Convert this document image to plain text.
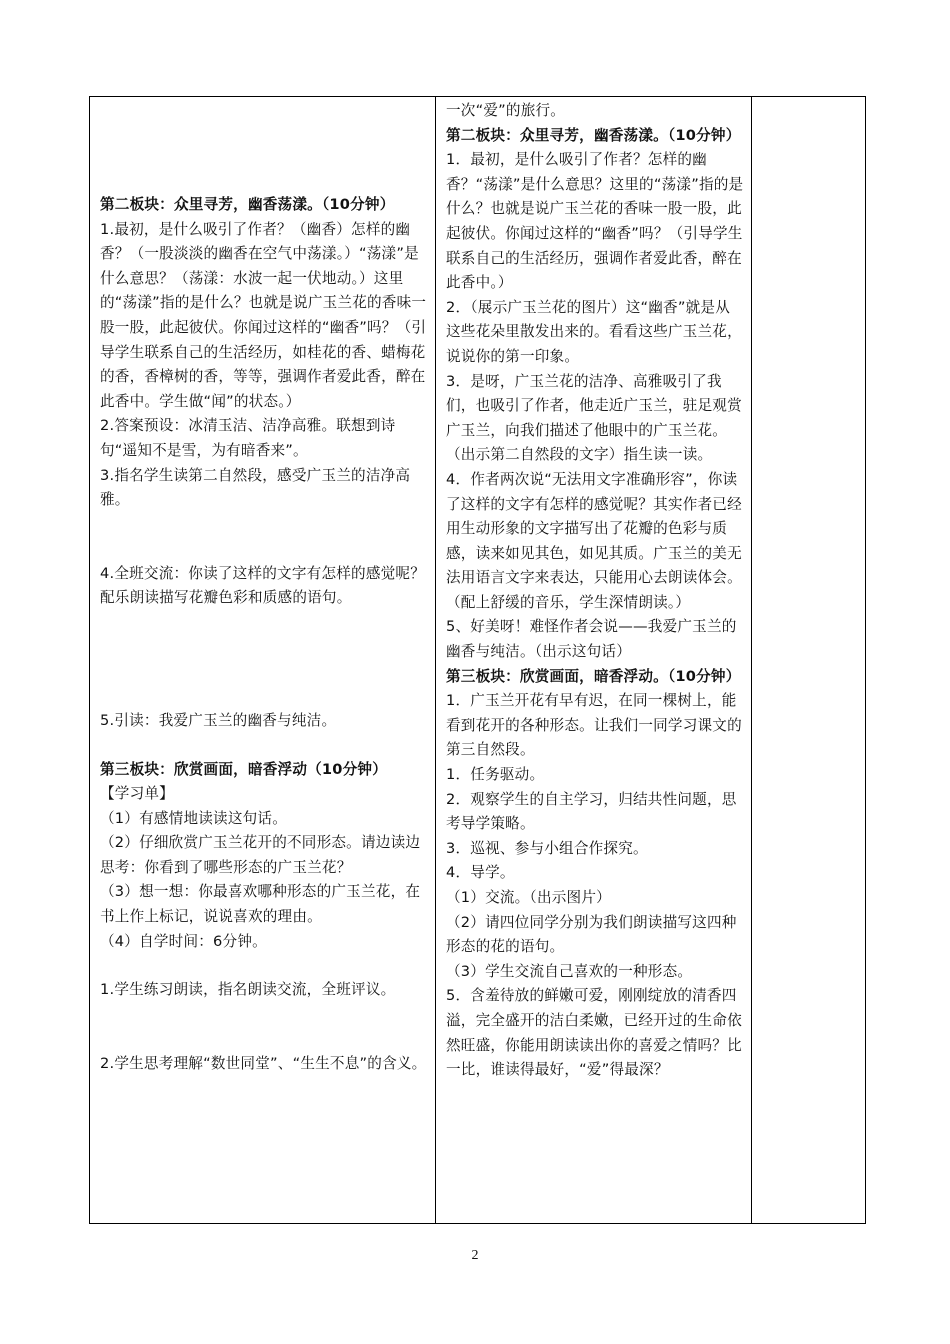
第二板块：众里寻芳，幽香荡漾。（10分钟）

1.最初，是什么吸引了作者？（幽香）怎样的幽香？（一股淡淡的幽香在空气中荡漾。）“荡漾”是什么意思？（荡漾：水波一起一伏地动。）这里的“荡漾”指的是什么？也就是说广玉兰花的香味一股一股，此起彼伏。你闻过这样的“幽香”吗？（引导学生联系自己的生活经历，如桂花的香、蜡梅花的香，香樟树的香，等等，强调作者爱此香，醉在此香中。学生做“闻”的状态。）

2.答案预设：冰清玉洁、洁净高雅。联想到诗句“遥知不是雪，为有暗香来”。

3.指名学生读第二自然段，感受广玉兰的洁净高雅。

4.全班交流：你读了这样的文字有怎样的感觉呢？

配乐朗读描写花瓣色彩和质感的语句。

5.引读：我爱广玉兰的幽香与纯洁。

第三板块：欣赏画面，暗香浮动（10分钟）

【学习单】

（1）有感情地读读这句话。

（2）仔细欣赏广玉兰花开的不同形态。请边读边思考：你看到了哪些形态的广玉兰花？

（3）想一想：你最喜欢哪种形态的广玉兰花，在书上作上标记，说说喜欢的理由。

（4）自学时间：6分钟。

1.学生练习朗读，指名朗读交流，全班评议。

2.学生思考理解“数世同堂”、“生生不息”的含义。

一次“爱”的旅行。

第二板块：众里寻芳，幽香荡漾。（10分钟）

1．最初，是什么吸引了作者？怎样的幽香？“荡漾”是什么意思？这里的“荡漾”指的是什么？也就是说广玉兰花的香味一股一股，此起彼伏。你闻过这样的“幽香”吗？（引导学生联系自己的生活经历，强调作者爱此香，醉在此香中。）

2．（展示广玉兰花的图片）这“幽香”就是从这些花朵里散发出来的。看看这些广玉兰花，说说你的第一印象。

3．是呀，广玉兰花的洁净、高雅吸引了我们，也吸引了作者，他走近广玉兰，驻足观赏广玉兰，向我们描述了他眼中的广玉兰花。（出示第二自然段的文字）指生读一读。

4．作者两次说“无法用文字准确形容”，你读了这样的文字有怎样的感觉呢？其实作者已经用生动形象的文字描写出了花瓣的色彩与质感，读来如见其色，如见其质。广玉兰的美无法用语言文字来表达，只能用心去朗读体会。（配上舒缓的音乐，学生深情朗读。）

5、好美呀！难怪作者会说——我爱广玉兰的幽香与纯洁。（出示这句话）

第三板块：欣赏画面，暗香浮动。（10分钟）

1．广玉兰开花有早有迟，在同一棵树上，能看到花开的各种形态。让我们一同学习课文的第三自然段。

1．任务驱动。

2．观察学生的自主学习，归结共性问题，思考导学策略。

3．巡视、参与小组合作探究。

4．导学。

（1）交流。（出示图片）

（2）请四位同学分别为我们朗读描写这四种形态的花的语句。

（3）学生交流自己喜欢的一种形态。

5．含羞待放的鲜嫩可爱，刚刚绽放的清香四溢，完全盛开的洁白柔嫩，已经开过的生命依然旺盛，你能用朗读读出你的喜爱之情吗？比一比，谁读得最好，“爱”得最深？

2
